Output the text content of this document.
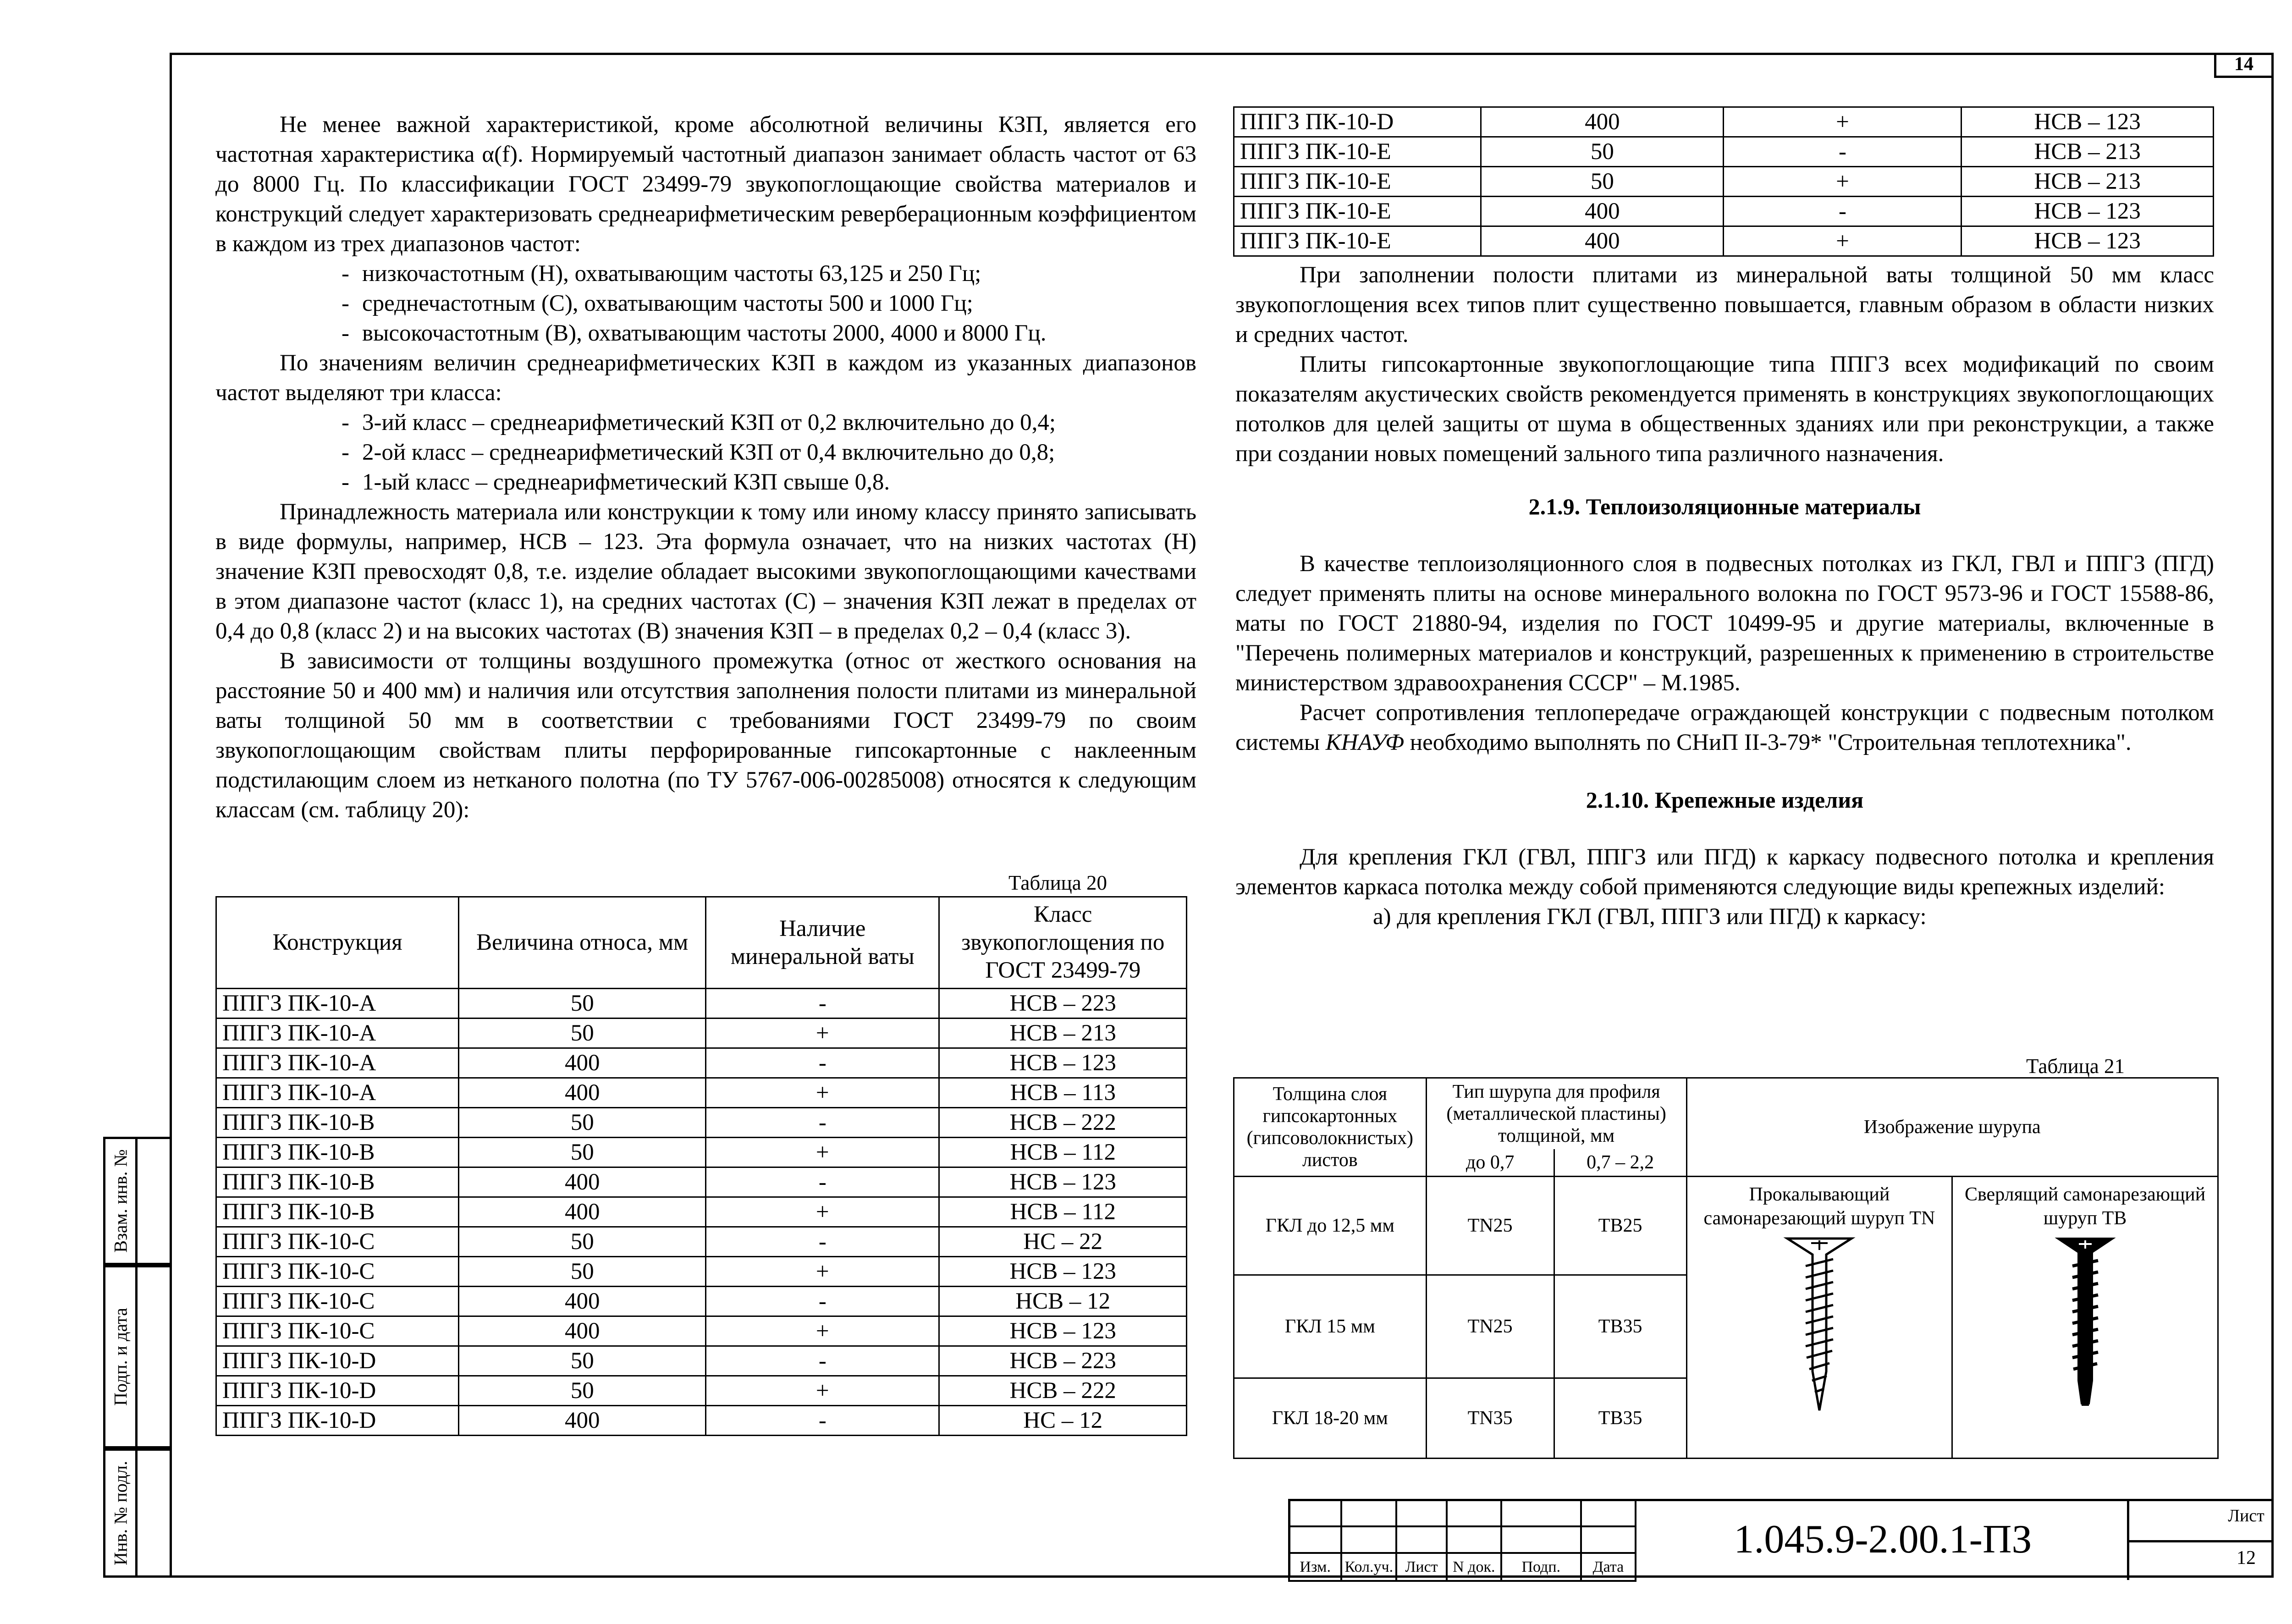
14
Взам. инв. №
Подп. и дата
Инв. № подл.

Не менее важной характеристикой, кроме абсолютной величины КЗП, является его частотная характеристика α(f). Нормируемый частотный диапазон занимает область частот от 63 до 8000 Гц. По классификации ГОСТ 23499-79 звукопоглощающие свойства материалов и конструкций следует характеризовать среднеарифметическим реверберационным коэффициентом в каждом из трех диапазонов частот:

- низкочастотным (Н), охватывающим частоты 63,125 и 250 Гц;
- среднечастотным (С), охватывающим частоты 500 и 1000 Гц;
- высокочастотным (В), охватывающим частоты 2000, 4000 и 8000 Гц.

По значениям величин среднеарифметических КЗП в каждом из указанных диапазонов частот выделяют три класса:

- 3-ий класс – среднеарифметический КЗП от 0,2 включительно до 0,4;
- 2-ой класс – среднеарифметический КЗП от 0,4 включительно до 0,8;
- 1-ый класс – среднеарифметический КЗП свыше 0,8.

Принадлежность материала или конструкции к тому или иному классу принято записывать в виде формулы, например, НСВ – 123. Эта формула означает, что на низких частотах (Н) значение КЗП превосходят 0,8, т.е. изделие обладает высокими звукопоглощающими качествами в этом диапазоне частот (класс 1), на средних частотах (С) – значения КЗП лежат в пределах от 0,4 до 0,8 (класс 2) и на высоких частотах (В) значения КЗП – в пределах 0,2 – 0,4 (класс 3).

В зависимости от толщины воздушного промежутка (относ от жесткого основания на расстояние 50 и 400 мм) и наличия или отсутствия заполнения полости плитами из минеральной ваты толщиной 50 мм в соответствии с требованиями ГОСТ 23499-79 по своим звукопоглощающим свойствам плиты перфорированные гипсокартонные с наклеенным подстилающим слоем из нетканого полотна (по ТУ 5767-006-00285008) относятся к следующим классам (см. таблицу 20):

Таблица 20
Конструкция	Величина относа, мм	Наличие минеральной ваты	Класс звукопоглощения по ГОСТ 23499-79
ППГЗ ПК-10-А	50	-	НСВ – 223
ППГЗ ПК-10-А	50	+	НСВ – 213
ППГЗ ПК-10-А	400	-	НСВ – 123
ППГЗ ПК-10-А	400	+	НСВ – 113
ППГЗ ПК-10-В	50	-	НСВ – 222
ППГЗ ПК-10-В	50	+	НСВ – 112
ППГЗ ПК-10-В	400	-	НСВ – 123
ППГЗ ПК-10-В	400	+	НСВ – 112
ППГЗ ПК-10-С	50	-	НС – 22
ППГЗ ПК-10-С	50	+	НСВ – 123
ППГЗ ПК-10-С	400	-	НСВ – 12
ППГЗ ПК-10-С	400	+	НСВ – 123
ППГЗ ПК-10-D	50	-	НСВ – 223
ППГЗ ПК-10-D	50	+	НСВ – 222
ППГЗ ПК-10-D	400	-	НС – 12
ППГЗ ПК-10-D	400	+	НСВ – 123
ППГЗ ПК-10-Е	50	-	НСВ – 213
ППГЗ ПК-10-Е	50	+	НСВ – 213
ППГЗ ПК-10-Е	400	-	НСВ – 123
ППГЗ ПК-10-Е	400	+	НСВ – 123

При заполнении полости плитами из минеральной ваты толщиной 50 мм класс звукопоглощения всех типов плит существенно повышается, главным образом в области низких и средних частот.

Плиты гипсокартонные звукопоглощающие типа ППГЗ всех модификаций по своим показателям акустических свойств рекомендуется применять в конструкциях звукопоглощающих потолков для целей защиты от шума в общественных зданиях или при реконструкции, а также при создании новых помещений зального типа различного назначения.

2.1.9. Теплоизоляционные материалы

В качестве теплоизоляционного слоя в подвесных потолках из ГКЛ, ГВЛ и ППГЗ (ПГД) следует применять плиты на основе минерального волокна по ГОСТ 9573-96 и ГОСТ 15588-86, маты по ГОСТ 21880-94, изделия по ГОСТ 10499-95 и другие материалы, включенные в "Перечень полимерных материалов и конструкций, разрешенных к применению в строительстве министерством здравоохранения СССР" – М.1985.

Расчет сопротивления теплопередаче ограждающей конструкции с подвесным потолком системы КНАУФ необходимо выполнять по СНиП II-3-79* "Строительная теплотехника".

2.1.10. Крепежные изделия

Для крепления ГКЛ (ГВЛ, ППГЗ или ПГД) к каркасу подвесного потолка и крепления элементов каркаса потолка между собой применяются следующие виды крепежных изделий:

а) для крепления ГКЛ (ГВЛ, ППГЗ или ПГД) к каркасу:

Таблица 21
Толщина слоя гипсокартонных (гипсоволокнистых) листов	Тип шурупа для профиля (металлической пластины) толщиной, мм		Изображение шурупа	
	до 0,7	0,7 – 2,2		
ГКЛ до 12,5 мм	TN25	TB25	Прокалывающий самонарезающий шуруп TN	Сверлящий самонарезающий шуруп TB

ГКЛ 15 мм	TN25	TB35		
ГКЛ 18-20 мм	TN35	TB35		

Изм.	Кол.уч.	Лист	N док.	Подп.	Дата
1.045.9-2.00.1-ПЗ
Лист
12
